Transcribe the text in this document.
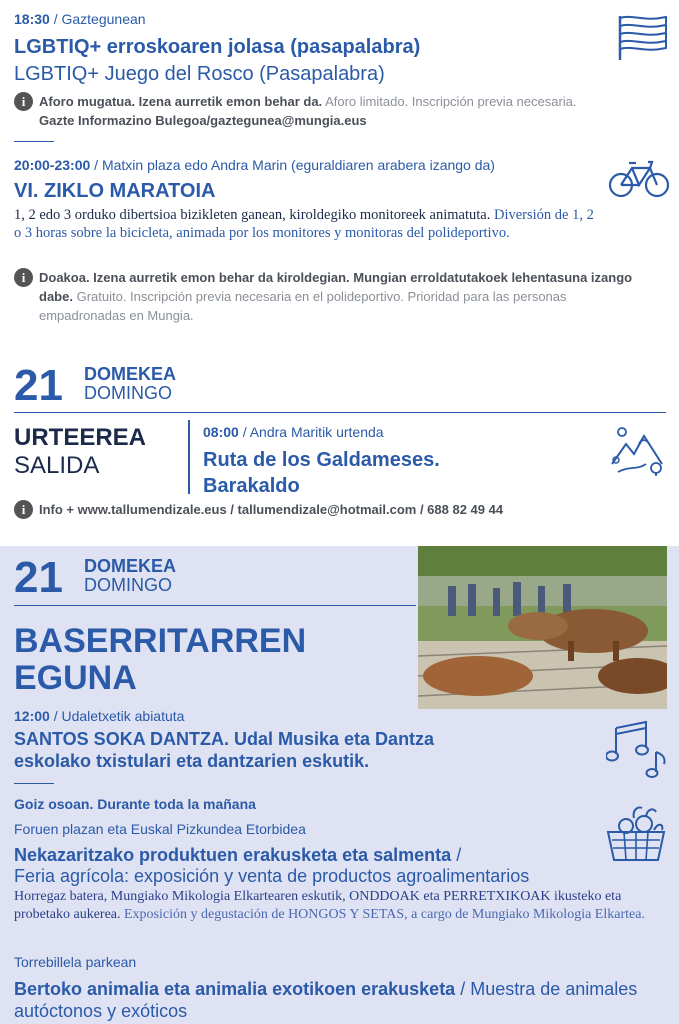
18:30 / Gaztegunean
LGBTIQ+ erroskoaren jolasa (pasapalabra)
LGBTIQ+ Juego del Rosco (Pasapalabra)
i	Aforo mugatua. Izena aurretik emon behar da. Aforo limitado. Inscripción previa necesaria.
Gazte Informazino Bulegoa/gaztegunea@mungia.eus
20:00-23:00 / Matxin plaza edo Andra Marin (eguraldiaren arabera izango da)
VI. ZIKLO MARATOIA
1, 2 edo 3 orduko dibertsioa bizikleten ganean, kiroldegiko monitoreek animatuta. Diversión de 1, 2 o 3 horas sobre la bicicleta, animada por los monitores y monitoras del polideportivo.
i	Doakoa. Izena aurretik emon behar da kiroldegian. Mungian erroldatutakoek lehentasuna izango dabe. Gratuito. Inscripción previa necesaria en el polideportivo. Prioridad para las personas empadronadas en Mungia.
21 DOMEKEA
DOMINGO
URTEEREA
SALIDA
08:00 / Andra Maritik urtenda
Ruta de los Galdameses.
Barakaldo
i	Info + www.tallumendizale.eus / tallumendizale@hotmail.com / 688 82 49 44
21 DOMEKEA
DOMINGO
BASERRITARREN
EGUNA
12:00 / Udaletxetik abiatuta
SANTOS SOKA DANTZA. Udal Musika eta Dantza
eskolako txistulari eta dantzarien eskutik.
Goiz osoan. Durante toda la mañana
Foruen plazan eta Euskal Pizkundea Etorbidea
Nekazaritzako produktuen erakusketa eta salmenta /
Feria agrícola: exposición y venta de productos agroalimentarios
Horregaz batera, Mungiako Mikologia Elkartearen eskutik, ONDDOAK eta PERRETXIKOAK ikusteko eta probetako aukerea. Exposición y degustación de HONGOS Y SETAS, a cargo de Mungiako Mikologia Elkartea.
Torrebillela parkean
Bertoko animalia eta animalia exotikoen erakusketa / Muestra de animales autóctonos y exóticos
